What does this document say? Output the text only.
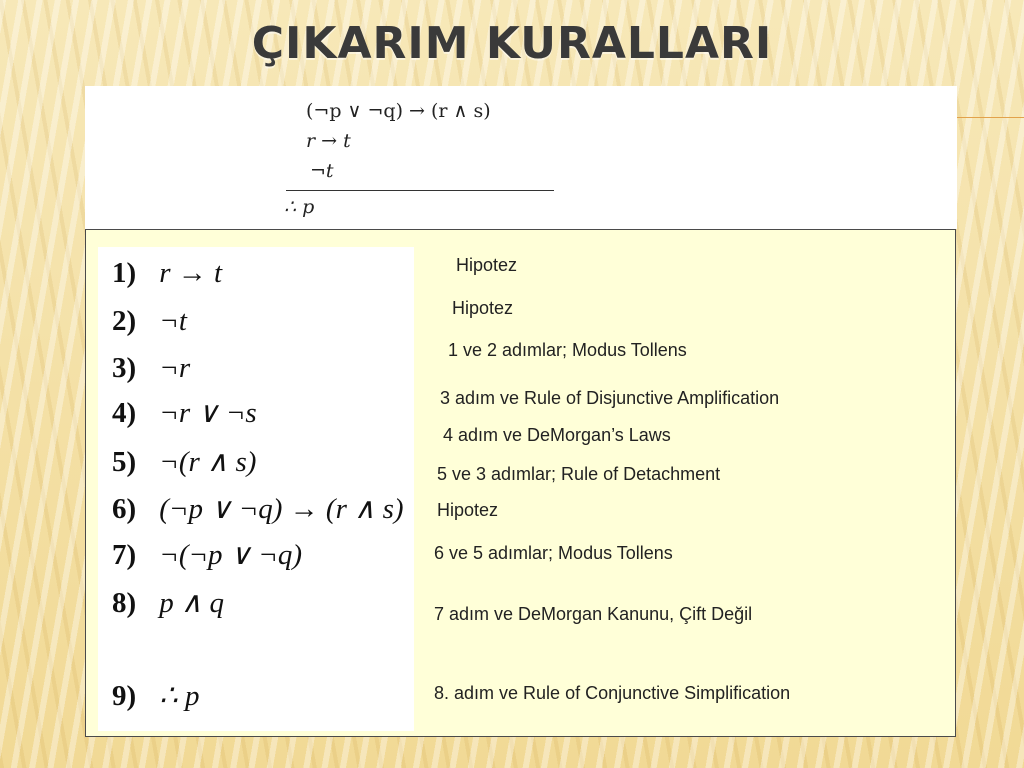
ÇIKARIM KURALLARI
(¬p ∨ ¬q) → (r ∧ s)
r → t
¬t
∴ p
1) r → t
2) ¬t
3) ¬r
4) ¬r ∨ ¬s
5) ¬(r ∧ s)
6) (¬p ∨ ¬q) → (r ∧ s)
7) ¬(¬p ∨ ¬q)
8) p ∧ q
9) ∴ p
Hipotez
Hipotez
1 ve 2 adımlar; Modus Tollens
3 adım ve Rule of Disjunctive Amplification
4 adım ve DeMorgan’s Laws
5 ve 3 adımlar; Rule of Detachment
Hipotez
6 ve 5 adımlar; Modus Tollens
7 adım ve DeMorgan Kanunu, Çift Değil
8. adım ve Rule of Conjunctive Simplification
